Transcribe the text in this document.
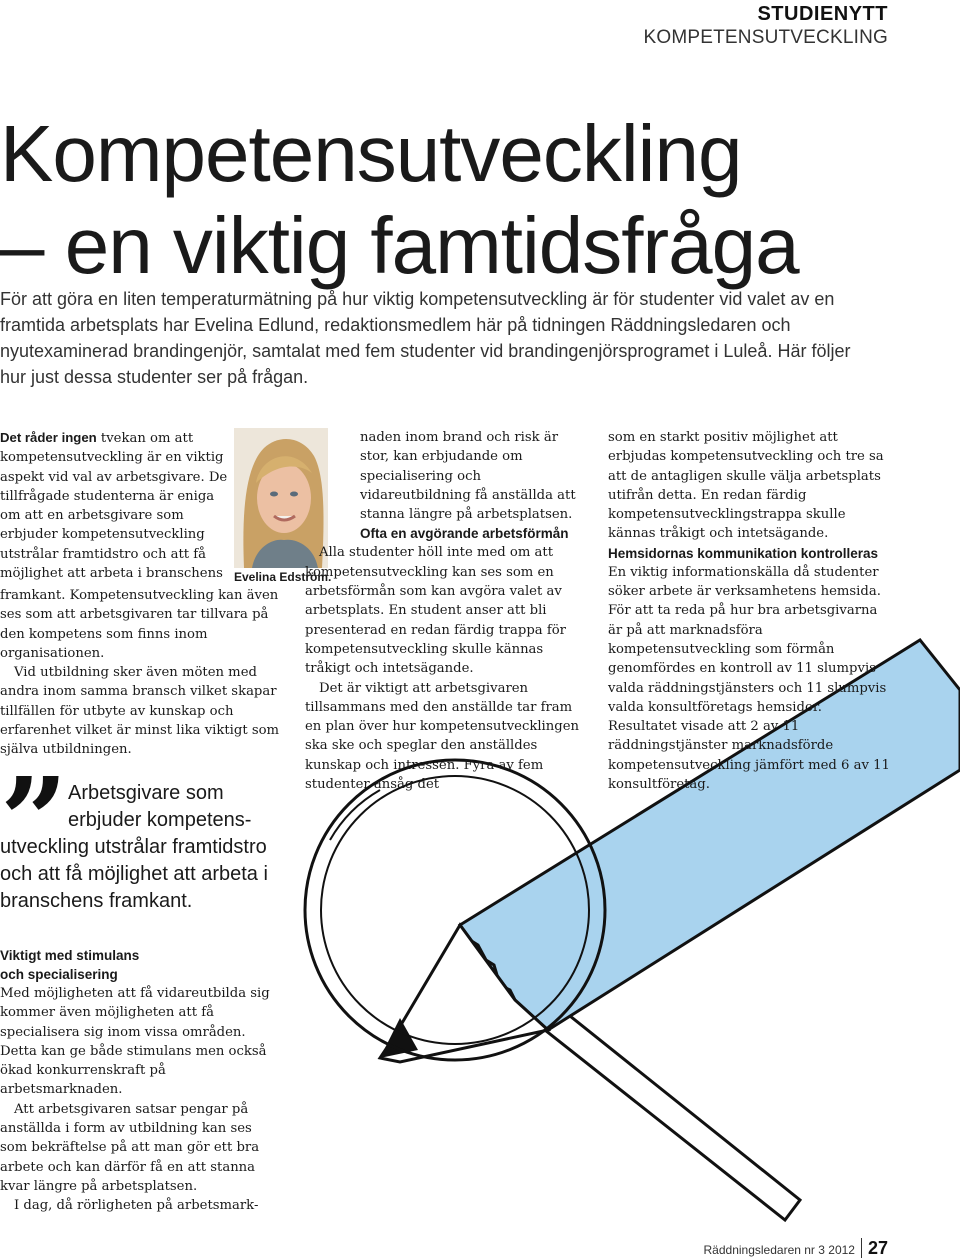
STUDIENYTT
KOMPETENSUTVECKLING
Kompetensutveckling
– en viktig famtidsfråga
För att göra en liten temperaturmätning på hur viktig kompetensutveckling är för studenter vid valet av en framtida arbetsplats har Evelina Edlund, redaktionsmedlem här på tidningen Räddningsledaren och nyutexaminerad brandingenjör, samtalat med fem studenter vid brandingenjörsprogramet i Luleå. Här följer hur just dessa studenter ser på frågan.

Det råder ingen tvekan om att kompetensutveckling är en viktig aspekt vid val av arbetsgivare. De tillfrågade studenterna är eniga om att en arbetsgivare som erbjuder kompetensutveckling utstrålar framtidstro och att få möjlighet att arbeta i branschens Evelina Edström.

framkant. Kompetensutveckling kan även ses som att arbetsgivaren tar tillvara på den kompetens som finns inom organisationen.

Vid utbildning sker även möten med andra inom samma bransch vilket skapar tillfällen för utbyte av kunskap och erfarenhet vilket är minst lika viktigt som själva utbildningen.

” Arbetsgivare som
erbjuder kompetens-
utveckling utstrålar framtidstro och att få möjlighet att arbeta i branschens framkant.

naden inom brand och risk är stor, kan erbjudande om specialisering och vidareutbildning få anställda att stanna längre på arbetsplatsen.

Ofta en avgörande arbetsförmån

Alla studenter höll inte med om att kompetensutveckling kan ses som en arbetsförmån som kan avgöra valet av arbetsplats. En student anser att bli presenterad en redan färdig trappa för kompetensutveckling skulle kännas tråkigt och intetsägande.

Det är viktigt att arbetsgivaren tillsammans med den anställde tar fram en plan över hur kompetensutvecklingen ska ske och speglar den anställdes kunskap och intressen. Fyra av fem studenter ansåg det

som en starkt positiv möjlighet att erbjudas kompetensutveckling och tre sa att de antagligen skulle välja arbetsplats utifrån detta. En redan färdig kompetensutvecklingstrappa skulle kännas tråkigt och intetsägande.

Hemsidornas kommunikation kontrolleras

En viktig informationskälla då studenter söker arbete är verksamhetens hemsida. För att ta reda på hur bra arbetsgivarna är på att marknadsföra kompetensutveckling som förmån genomfördes en kontroll av 11 slumpvis valda räddningstjänsters och 11 slumpvis valda konsultföretags hemsidor. Resultatet visade att 2 av 11 räddningstjänster marknadsförde kompetensutveckling jämfört med 6 av 11 konsultföretag.

Viktigt med stimulans

och specialisering

Med möjligheten att få vidareutbilda sig kommer även möjligheten att få specialisera sig inom vissa områden. Detta kan ge både stimulans men också ökad konkurrenskraft på arbetsmarknaden.

Att arbetsgivaren satsar pengar på anställda i form av utbildning kan ses som bekräftelse på att man gör ett bra arbete och kan därför få en att stanna kvar längre på arbetsplatsen.

I dag, då rörligheten på arbetsmark-

Räddningsledaren nr 3 2012 27
